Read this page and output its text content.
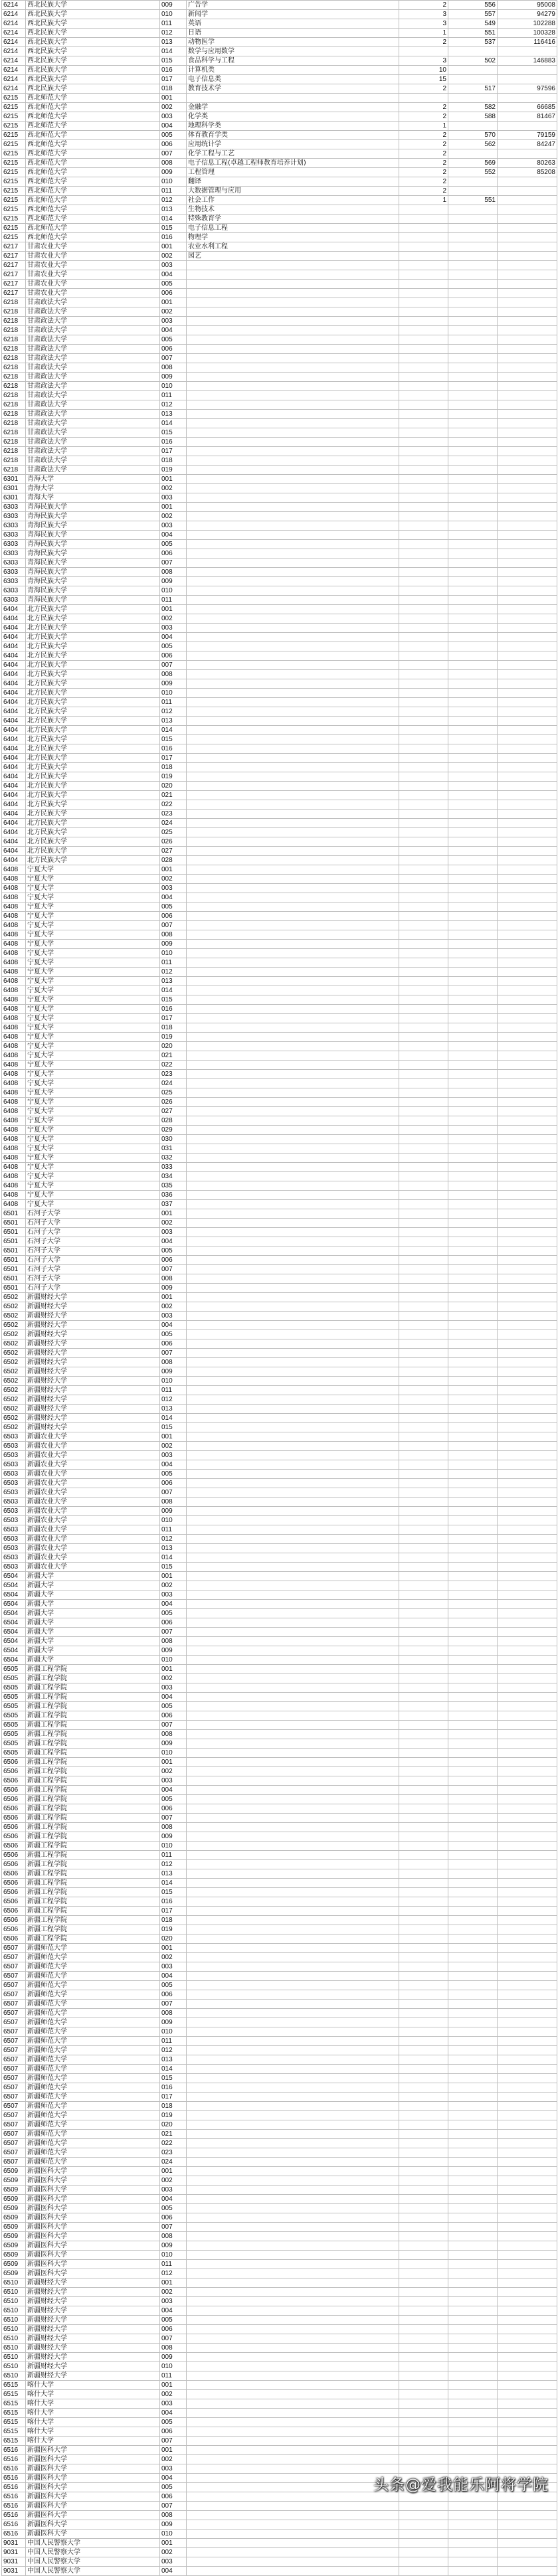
6214	西北民族大学	009	广告学	2	556	95008
6214	西北民族大学	010	新闻学	3	557	94279
6214	西北民族大学	011	英语	3	549	102288
6214	西北民族大学	012	日语	1	551	100328
6214	西北民族大学	013	动物医学	2	537	116416
6214	西北民族大学	014	数学与应用数学			
6214	西北民族大学	015	食品科学与工程	3	502	146883
6214	西北民族大学	016	计算机类	10		
6214	西北民族大学	017	电子信息类	15		
6214	西北民族大学	018	教育技术学	2	517	97596
6215	西北师范大学	001				
6215	西北师范大学	002	金融学	2	582	66685
6215	西北师范大学	003	化学类	2	588	81467
6215	西北师范大学	004	地理科学类	1		
6215	西北师范大学	005	体育教育学类	2	570	79159
6215	西北师范大学	006	应用统计学	2	562	84247
6215	西北师范大学	007	化学工程与工艺	2		
6215	西北师范大学	008	电子信息工程(卓越工程师教育培养计划)	2	569	80263
6215	西北师范大学	009	工程管理	2	552	85208
6215	西北师范大学	010	翻译	2		
6215	西北师范大学	011	大数据管理与应用	2		
6215	西北师范大学	012	社会工作	1	551	
6215	西北师范大学	013	生物技术			
6215	西北师范大学	014	特殊教育学			
6215	西北师范大学	015	电子信息工程			
6215	西北师范大学	016	物理学			
6217	甘肃农业大学	001	农业水利工程			
6217	甘肃农业大学	002	园艺			
6217	甘肃农业大学	003				
6217	甘肃农业大学	004				
6217	甘肃农业大学	005				
6217	甘肃农业大学	006				
6218	甘肃政法大学	001				
6218	甘肃政法大学	002				
6218	甘肃政法大学	003				
6218	甘肃政法大学	004				
6218	甘肃政法大学	005				
6218	甘肃政法大学	006				
6218	甘肃政法大学	007				
6218	甘肃政法大学	008				
6218	甘肃政法大学	009				
6218	甘肃政法大学	010				
6218	甘肃政法大学	011				
6218	甘肃政法大学	012				
6218	甘肃政法大学	013				
6218	甘肃政法大学	014				
6218	甘肃政法大学	015				
6218	甘肃政法大学	016				
6218	甘肃政法大学	017				
6218	甘肃政法大学	018				
6218	甘肃政法大学	019				
6301	青海大学	001				
6301	青海大学	002				
6301	青海大学	003				
6303	青海民族大学	001				
6303	青海民族大学	002				
6303	青海民族大学	003				
6303	青海民族大学	004				
6303	青海民族大学	005				
6303	青海民族大学	006				
6303	青海民族大学	007				
6303	青海民族大学	008				
6303	青海民族大学	009				
6303	青海民族大学	010				
6303	青海民族大学	011				
6404	北方民族大学	001				
6404	北方民族大学	002				
6404	北方民族大学	003				
6404	北方民族大学	004				
6404	北方民族大学	005				
6404	北方民族大学	006				
6404	北方民族大学	007				
6404	北方民族大学	008				
6404	北方民族大学	009				
6404	北方民族大学	010				
6404	北方民族大学	011				
6404	北方民族大学	012				
6404	北方民族大学	013				
6404	北方民族大学	014				
6404	北方民族大学	015				
6404	北方民族大学	016				
6404	北方民族大学	017				
6404	北方民族大学	018				
6404	北方民族大学	019				
6404	北方民族大学	020				
6404	北方民族大学	021				
6404	北方民族大学	022				
6404	北方民族大学	023				
6404	北方民族大学	024				
6404	北方民族大学	025				
6404	北方民族大学	026				
6404	北方民族大学	027				
6404	北方民族大学	028				
6408	宁夏大学	001				
6408	宁夏大学	002				
6408	宁夏大学	003				
6408	宁夏大学	004				
6408	宁夏大学	005				
6408	宁夏大学	006				
6408	宁夏大学	007				
6408	宁夏大学	008				
6408	宁夏大学	009				
6408	宁夏大学	010				
6408	宁夏大学	011				
6408	宁夏大学	012				
6408	宁夏大学	013				
6408	宁夏大学	014				
6408	宁夏大学	015				
6408	宁夏大学	016				
6408	宁夏大学	017				
6408	宁夏大学	018				
6408	宁夏大学	019				
6408	宁夏大学	020				
6408	宁夏大学	021				
6408	宁夏大学	022				
6408	宁夏大学	023				
6408	宁夏大学	024				
6408	宁夏大学	025				
6408	宁夏大学	026				
6408	宁夏大学	027				
6408	宁夏大学	028				
6408	宁夏大学	029				
6408	宁夏大学	030				
6408	宁夏大学	031				
6408	宁夏大学	032				
6408	宁夏大学	033				
6408	宁夏大学	034				
6408	宁夏大学	035				
6408	宁夏大学	036				
6408	宁夏大学	037				
6501	石河子大学	001				
6501	石河子大学	002				
6501	石河子大学	003				
6501	石河子大学	004				
6501	石河子大学	005				
6501	石河子大学	006				
6501	石河子大学	007				
6501	石河子大学	008				
6501	石河子大学	009				
6502	新疆财经大学	001				
6502	新疆财经大学	002				
6502	新疆财经大学	003				
6502	新疆财经大学	004				
6502	新疆财经大学	005				
6502	新疆财经大学	006				
6502	新疆财经大学	007				
6502	新疆财经大学	008				
6502	新疆财经大学	009				
6502	新疆财经大学	010				
6502	新疆财经大学	011				
6502	新疆财经大学	012				
6502	新疆财经大学	013				
6502	新疆财经大学	014				
6502	新疆财经大学	015				
6503	新疆农业大学	001				
6503	新疆农业大学	002				
6503	新疆农业大学	003				
6503	新疆农业大学	004				
6503	新疆农业大学	005				
6503	新疆农业大学	006				
6503	新疆农业大学	007				
6503	新疆农业大学	008				
6503	新疆农业大学	009				
6503	新疆农业大学	010				
6503	新疆农业大学	011				
6503	新疆农业大学	012				
6503	新疆农业大学	013				
6503	新疆农业大学	014				
6503	新疆农业大学	015				
6504	新疆大学	001				
6504	新疆大学	002				
6504	新疆大学	003				
6504	新疆大学	004				
6504	新疆大学	005				
6504	新疆大学	006				
6504	新疆大学	007				
6504	新疆大学	008				
6504	新疆大学	009				
6504	新疆大学	010				
6505	新疆工程学院	001				
6505	新疆工程学院	002				
6505	新疆工程学院	003				
6505	新疆工程学院	004				
6505	新疆工程学院	005				
6505	新疆工程学院	006				
6505	新疆工程学院	007				
6505	新疆工程学院	008				
6505	新疆工程学院	009				
6505	新疆工程学院	010				
6506	新疆工程学院	001				
6506	新疆工程学院	002				
6506	新疆工程学院	003				
6506	新疆工程学院	004				
6506	新疆工程学院	005				
6506	新疆工程学院	006				
6506	新疆工程学院	007				
6506	新疆工程学院	008				
6506	新疆工程学院	009				
6506	新疆工程学院	010				
6506	新疆工程学院	011				
6506	新疆工程学院	012				
6506	新疆工程学院	013				
6506	新疆工程学院	014				
6506	新疆工程学院	015				
6506	新疆工程学院	016				
6506	新疆工程学院	017				
6506	新疆工程学院	018				
6506	新疆工程学院	019				
6506	新疆工程学院	020				
6507	新疆师范大学	001				
6507	新疆师范大学	002				
6507	新疆师范大学	003				
6507	新疆师范大学	004				
6507	新疆师范大学	005				
6507	新疆师范大学	006				
6507	新疆师范大学	007				
6507	新疆师范大学	008				
6507	新疆师范大学	009				
6507	新疆师范大学	010				
6507	新疆师范大学	011				
6507	新疆师范大学	012				
6507	新疆师范大学	013				
6507	新疆师范大学	014				
6507	新疆师范大学	015				
6507	新疆师范大学	016				
6507	新疆师范大学	017				
6507	新疆师范大学	018				
6507	新疆师范大学	019				
6507	新疆师范大学	020				
6507	新疆师范大学	021				
6507	新疆师范大学	022				
6507	新疆师范大学	023				
6507	新疆师范大学	024				
6509	新疆医科大学	001				
6509	新疆医科大学	002				
6509	新疆医科大学	003				
6509	新疆医科大学	004				
6509	新疆医科大学	005				
6509	新疆医科大学	006				
6509	新疆医科大学	007				
6509	新疆医科大学	008				
6509	新疆医科大学	009				
6509	新疆医科大学	010				
6509	新疆医科大学	011				
6509	新疆医科大学	012				
6510	新疆财经大学	001				
6510	新疆财经大学	002				
6510	新疆财经大学	003				
6510	新疆财经大学	004				
6510	新疆财经大学	005				
6510	新疆财经大学	006				
6510	新疆财经大学	007				
6510	新疆财经大学	008				
6510	新疆财经大学	009				
6510	新疆财经大学	010				
6510	新疆财经大学	011				
6515	喀什大学	001				
6515	喀什大学	002				
6515	喀什大学	003				
6515	喀什大学	004				
6515	喀什大学	005				
6515	喀什大学	006				
6515	喀什大学	007				
6516	新疆医科大学	001				
6516	新疆医科大学	002				
6516	新疆医科大学	003				
6516	新疆医科大学	004				
6516	新疆医科大学	005				
6516	新疆医科大学	006				
6516	新疆医科大学	007				
6516	新疆医科大学	008				
6516	新疆医科大学	009				
6516	新疆医科大学	010				
9031	中国人民警察大学	001				
9031	中国人民警察大学	002				
9031	中国人民警察大学	003				
9031	中国人民警察大学	004				
头条@爱我能乐阿将学院
